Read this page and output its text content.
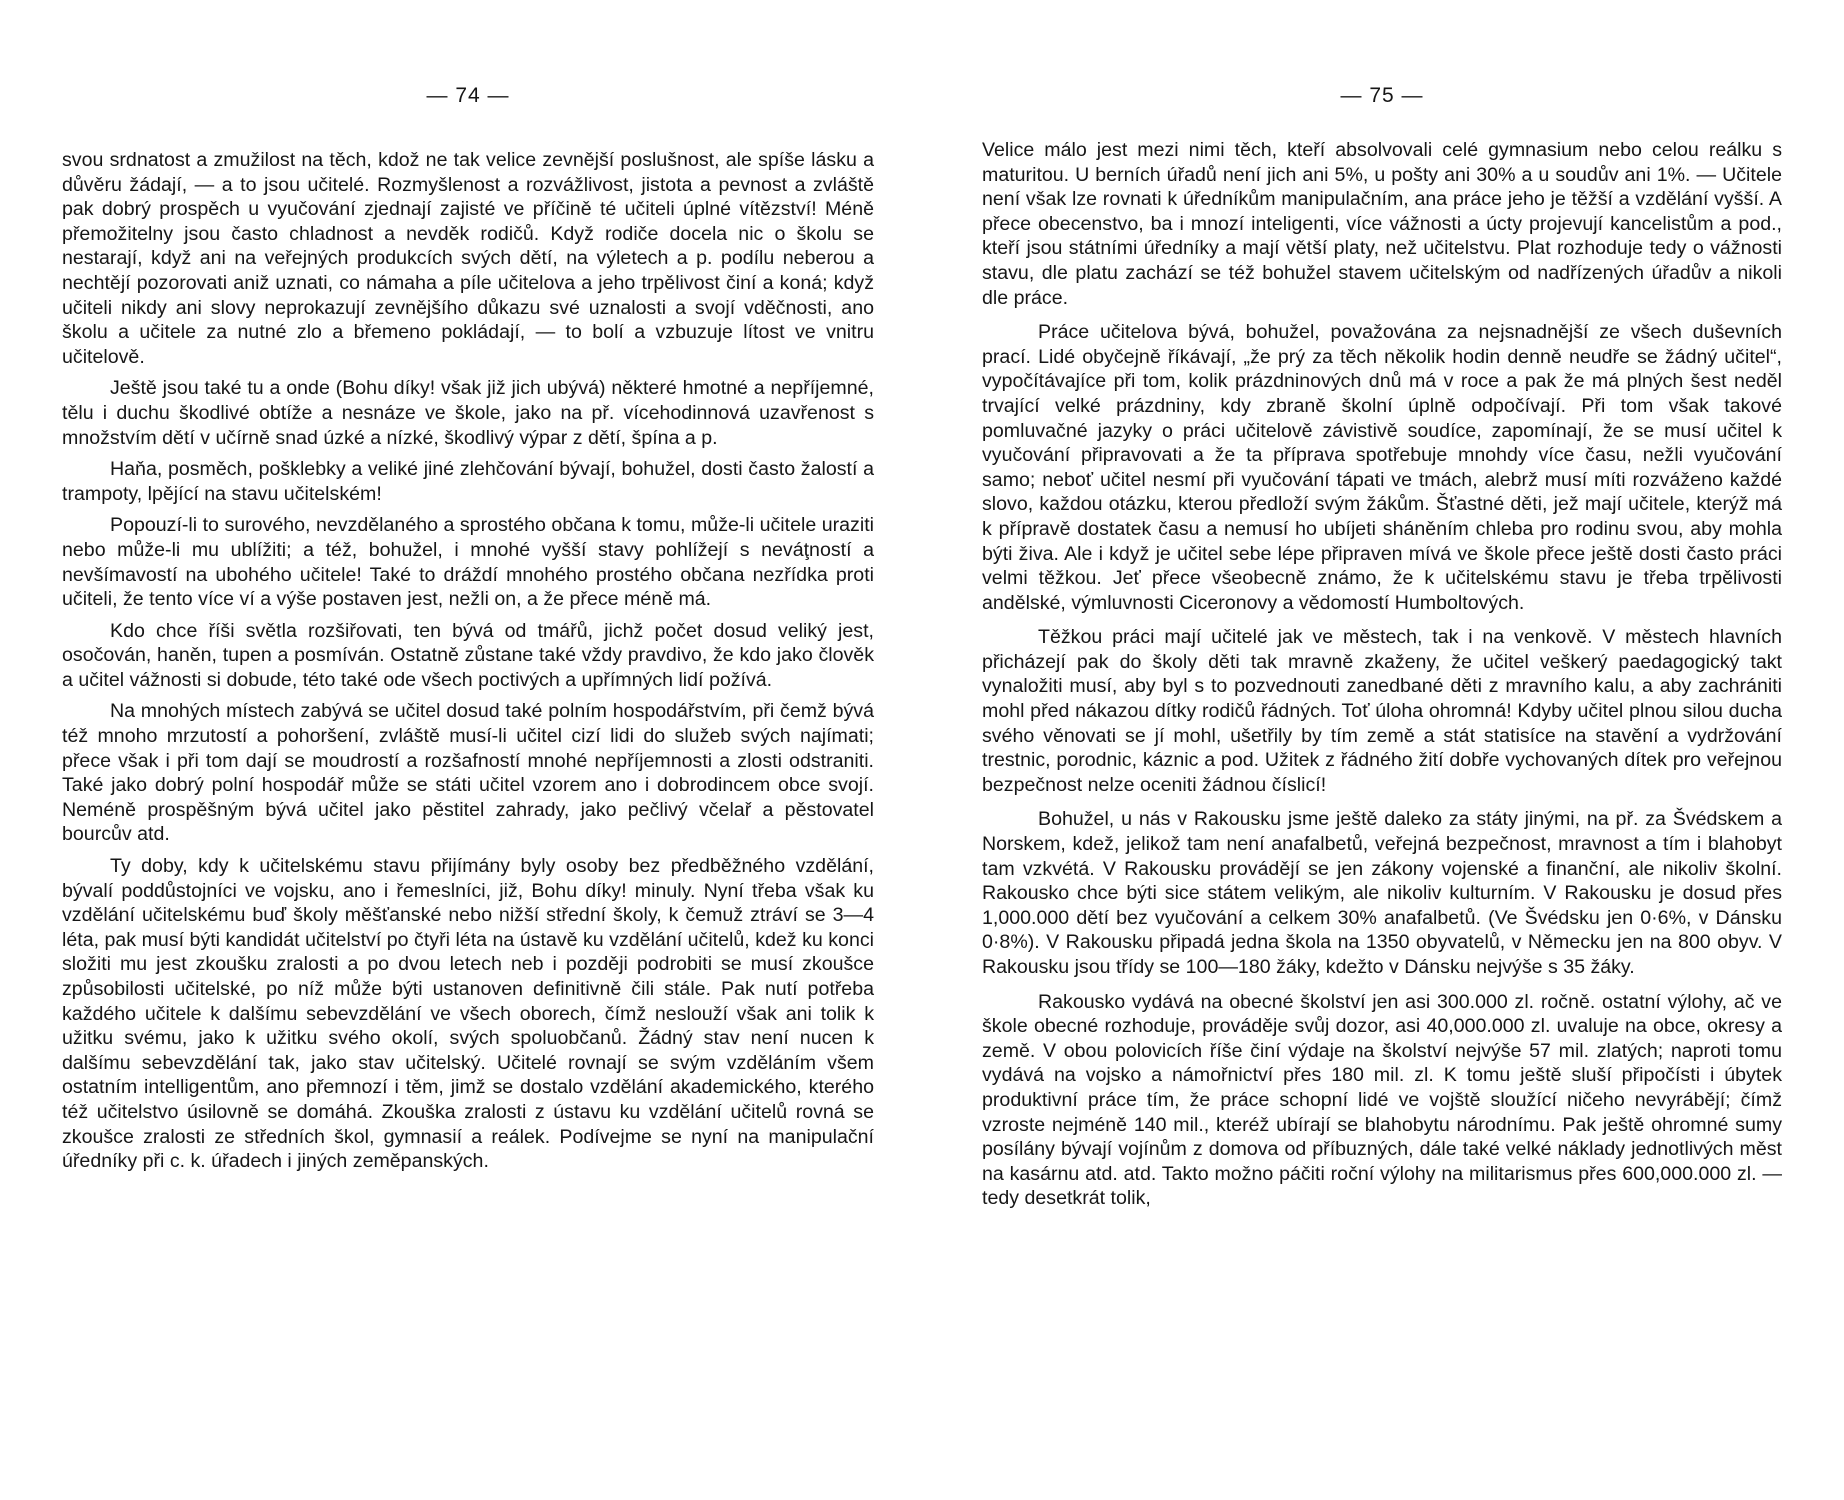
— 74 —

svou srdnatost a zmužilost na těch, kdož ne tak velice zevnější poslušnost, ale spíše lásku a důvěru žádají, — a to jsou učitelé. Rozmyšlenost a rozvážlivost, jistota a pevnost a zvláště pak dobrý prospěch u vyučování zjednají zajisté ve příčině té učiteli úplné vítězství! Méně přemožitelny jsou často chladnost a nevděk rodičů. Když rodiče docela nic o školu se nestarají, když ani na veřejných produkcích svých dětí, na výletech a p. podílu neberou a nechtějí pozorovati aniž uznati, co námaha a píle učitelova a jeho trpělivost činí a koná; když učiteli nikdy ani slovy neprokazují zevnějšího důkazu své uznalosti a svojí vděčnosti, ano školu a učitele za nutné zlo a břemeno pokládají, — to bolí a vzbuzuje lítost ve vnitru učitelově.

Ještě jsou také tu a onde (Bohu díky! však již jich ubývá) některé hmotné a nepříjemné, tělu i duchu škodlivé obtíže a nesnáze ve škole, jako na př. vícehodinnová uzavřenost s množstvím dětí v učírně snad úzké a nízké, škodlivý výpar z dětí, špína a p.

Haňa, posměch, pošklebky a veliké jiné zlehčování bývají, bohužel, dosti často žalostí a trampoty, lpějící na stavu učitelském!

Popouzí-li to surového, nevzdělaného a sprostého občana k tomu, může-li učitele uraziti nebo může-li mu ublížiti; a též, bohužel, i mnohé vyšší stavy pohlížejí s neváţností a nevšímavostí na ubohého učitele! Také to dráždí mnohého prostého občana nezřídka proti učiteli, že tento více ví a výše postaven jest, nežli on, a že přece méně má.

Kdo chce říši světla rozšiřovati, ten bývá od tmářů, jichž počet dosud veliký jest, osočován, haněn, tupen a posmíván. Ostatně zůstane také vždy pravdivo, že kdo jako člověk a učitel vážnosti si dobude, této také ode všech poctivých a upřímných lidí požívá.

Na mnohých místech zabývá se učitel dosud také polním hospodářstvím, při čemž bývá též mnoho mrzutostí a pohoršení, zvláště musí-li učitel cizí lidi do služeb svých najímati; přece však i při tom dají se moudrostí a rozšafností mnohé nepříjemnosti a zlosti odstraniti. Také jako dobrý polní hospodář může se státi učitel vzorem ano i dobrodincem obce svojí. Neméně prospěšným bývá učitel jako pěstitel zahrady, jako pečlivý včelař a pěstovatel bourcův atd.

Ty doby, kdy k učitelskému stavu přijímány byly osoby bez předběžného vzdělání, bývalí poddůstojníci ve vojsku, ano i řemeslníci, již, Bohu díky! minuly. Nyní třeba však ku vzdělání učitelskému buď školy měšťanské nebo nižší střední školy, k čemuž ztráví se 3—4 léta, pak musí býti kandidát učitelství po čtyři léta na ústavě ku vzdělání učitelů, kdež ku konci složiti mu jest zkoušku zralosti a po dvou letech neb i později podrobiti se musí zkoušce způsobilosti učitelské, po níž může býti ustanoven definitivně čili stále. Pak nutí potřeba každého učitele k dalšímu sebevzdělání ve všech oborech, čímž neslouží však ani tolik k užitku svému, jako k užitku svého okolí, svých spoluobčanů. Žádný stav není nucen k dalšímu sebevzdělání tak, jako stav učitelský. Učitelé rovnají se svým vzděláním všem ostatním intelligentům, ano přemnozí i těm, jimž se dostalo vzdělání akademického, kterého též učitelstvo úsilovně se domáhá. Zkouška zralosti z ústavu ku vzdělání učitelů rovná se zkoušce zralosti ze středních škol, gymnasií a reálek. Podívejme se nyní na manipulační úředníky při c. k. úřadech i jiných zeměpanských.

— 75 —

Velice málo jest mezi nimi těch, kteří absolvovali celé gymnasium nebo celou reálku s maturitou. U berních úřadů není jich ani 5%, u pošty ani 30% a u soudův ani 1%. — Učitele není však lze rovnati k úředníkům manipulačním, ana práce jeho je těžší a vzdělání vyšší. A přece obecenstvo, ba i mnozí inteligenti, více vážnosti a úcty projevují kancelistům a pod., kteří jsou státními úředníky a mají větší platy, než učitelstvu. Plat rozhoduje tedy o vážnosti stavu, dle platu zachází se též bohužel stavem učitelským od nadřízených úřadův a nikoli dle práce.

Práce učitelova bývá, bohužel, považována za nejsnadnější ze všech duševních prací. Lidé obyčejně říkávají, „že prý za těch několik hodin denně neudře se žádný učitel“, vypočítávajíce při tom, kolik prázdninových dnů má v roce a pak že má plných šest neděl trvající velké prázdniny, kdy zbraně školní úplně odpočívají. Při tom však takové pomluvačné jazyky o práci učitelově závistivě soudíce, zapomínají, že se musí učitel k vyučování připravovati a že ta příprava spotřebuje mnohdy více času, nežli vyučování samo; neboť učitel nesmí při vyučování tápati ve tmách, alebrž musí míti rozváženo každé slovo, každou otázku, kterou předloží svým žákům. Šťastné děti, jež mají učitele, kterýž má k přípravě dostatek času a nemusí ho ubíjeti sháněním chleba pro rodinu svou, aby mohla býti živa. Ale i když je učitel sebe lépe připraven mívá ve škole přece ještě dosti často práci velmi těžkou. Jeť přece všeobecně známo, že k učitelskému stavu je třeba trpělivosti andělské, výmluvnosti Ciceronovy a vědomostí Humboltových.

Těžkou práci mají učitelé jak ve městech, tak i na venkově. V městech hlavních přicházejí pak do školy děti tak mravně zkaženy, že učitel veškerý paedagogický takt vynaložiti musí, aby byl s to pozvednouti zanedbané děti z mravního kalu, a aby zachrániti mohl před nákazou dítky rodičů řádných. Toť úloha ohromná! Kdyby učitel plnou silou ducha svého věnovati se jí mohl, ušetřily by tím země a stát statisíce na stavění a vydržování trestnic, porodnic, káznic a pod. Užitek z řádného žití dobře vychovaných dítek pro veřejnou bezpečnost nelze oceniti žádnou číslicí!

Bohužel, u nás v Rakousku jsme ještě daleko za státy jinými, na př. za Švédskem a Norskem, kdež, jelikož tam není anafalbetů, veřejná bezpečnost, mravnost a tím i blahobyt tam vzkvétá. V Rakousku provádějí se jen zákony vojenské a finanční, ale nikoliv školní. Rakousko chce býti sice státem velikým, ale nikoliv kulturním. V Rakousku je dosud přes 1,000.000 dětí bez vyučování a celkem 30% anafalbetů. (Ve Švédsku jen 0·6%, v Dánsku 0·8%). V Rakousku připadá jedna škola na 1350 obyvatelů, v Německu jen na 800 obyv. V Rakousku jsou třídy se 100—180 žáky, kdežto v Dánsku nejvýše s 35 žáky.

Rakousko vydává na obecné školství jen asi 300.000 zl. ročně. ostatní výlohy, ač ve škole obecné rozhoduje, prováděje svůj dozor, asi 40,000.000 zl. uvaluje na obce, okresy a země. V obou polovicích říše činí výdaje na školství nejvýše 57 mil. zlatých; naproti tomu vydává na vojsko a námořnictví přes 180 mil. zl. K tomu ještě sluší připočísti i úbytek produktivní práce tím, že práce schopní lidé ve vojště sloužící ničeho nevyrábějí; čímž vzroste nejméně 140 mil., kteréž ubírají se blahobytu národnímu. Pak ještě ohromné sumy posílány bývají vojínům z domova od příbuzných, dále také velké náklady jednotlivých měst na kasárnu atd. atd. Takto možno páčiti roční výlohy na militarismus přes 600,000.000 zl. — tedy desetkrát tolik,
